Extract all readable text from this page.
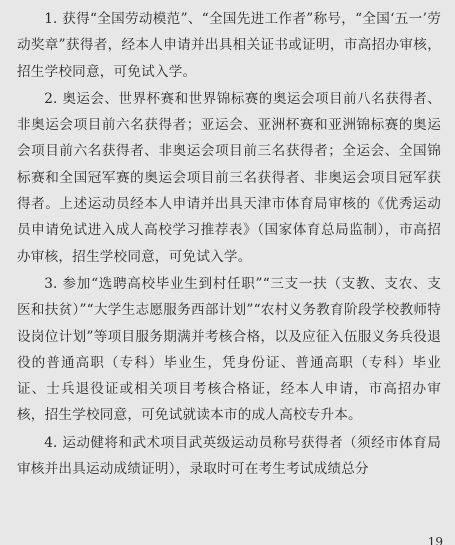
1. 获得“全国劳动模范”、“全国先进工作者”称号，“全国‘五一’劳动奖章”获得者，经本人申请并出具相关证书或证明，市高招办审核，招生学校同意，可免试入学。

2. 奥运会、世界杯赛和世界锦标赛的奥运会项目前八名获得者、非奥运会项目前六名获得者；亚运会、亚洲杯赛和亚洲锦标赛的奥运会项目前六名获得者、非奥运会项目前三名获得者；全运会、全国锦标赛和全国冠军赛的奥运会项目前三名获得者、非奥运会项目冠军获得者。上述运动员经本人申请并出具天津市体育局审核的《优秀运动员申请免试进入成人高校学习推荐表》（国家体育总局监制），市高招办审核，招生学校同意，可免试入学。

3. 参加“选聘高校毕业生到村任职”“三支一扶（支教、支农、支医和扶贫）”“大学生志愿服务西部计划”“农村义务教育阶段学校教师特设岗位计划”等项目服务期满并考核合格，以及应征入伍服义务兵役退役的普通高职（专科）毕业生，凭身份证、普通高职（专科）毕业证、士兵退役证或相关项目考核合格证，经本人申请，市高招办审核，招生学校同意，可免试就读本市的成人高校专升本。

4. 运动健将和武术项目武英级运动员称号获得者（须经市体育局审核并出具运动成绩证明），录取时可在考生考试成绩总分

19
